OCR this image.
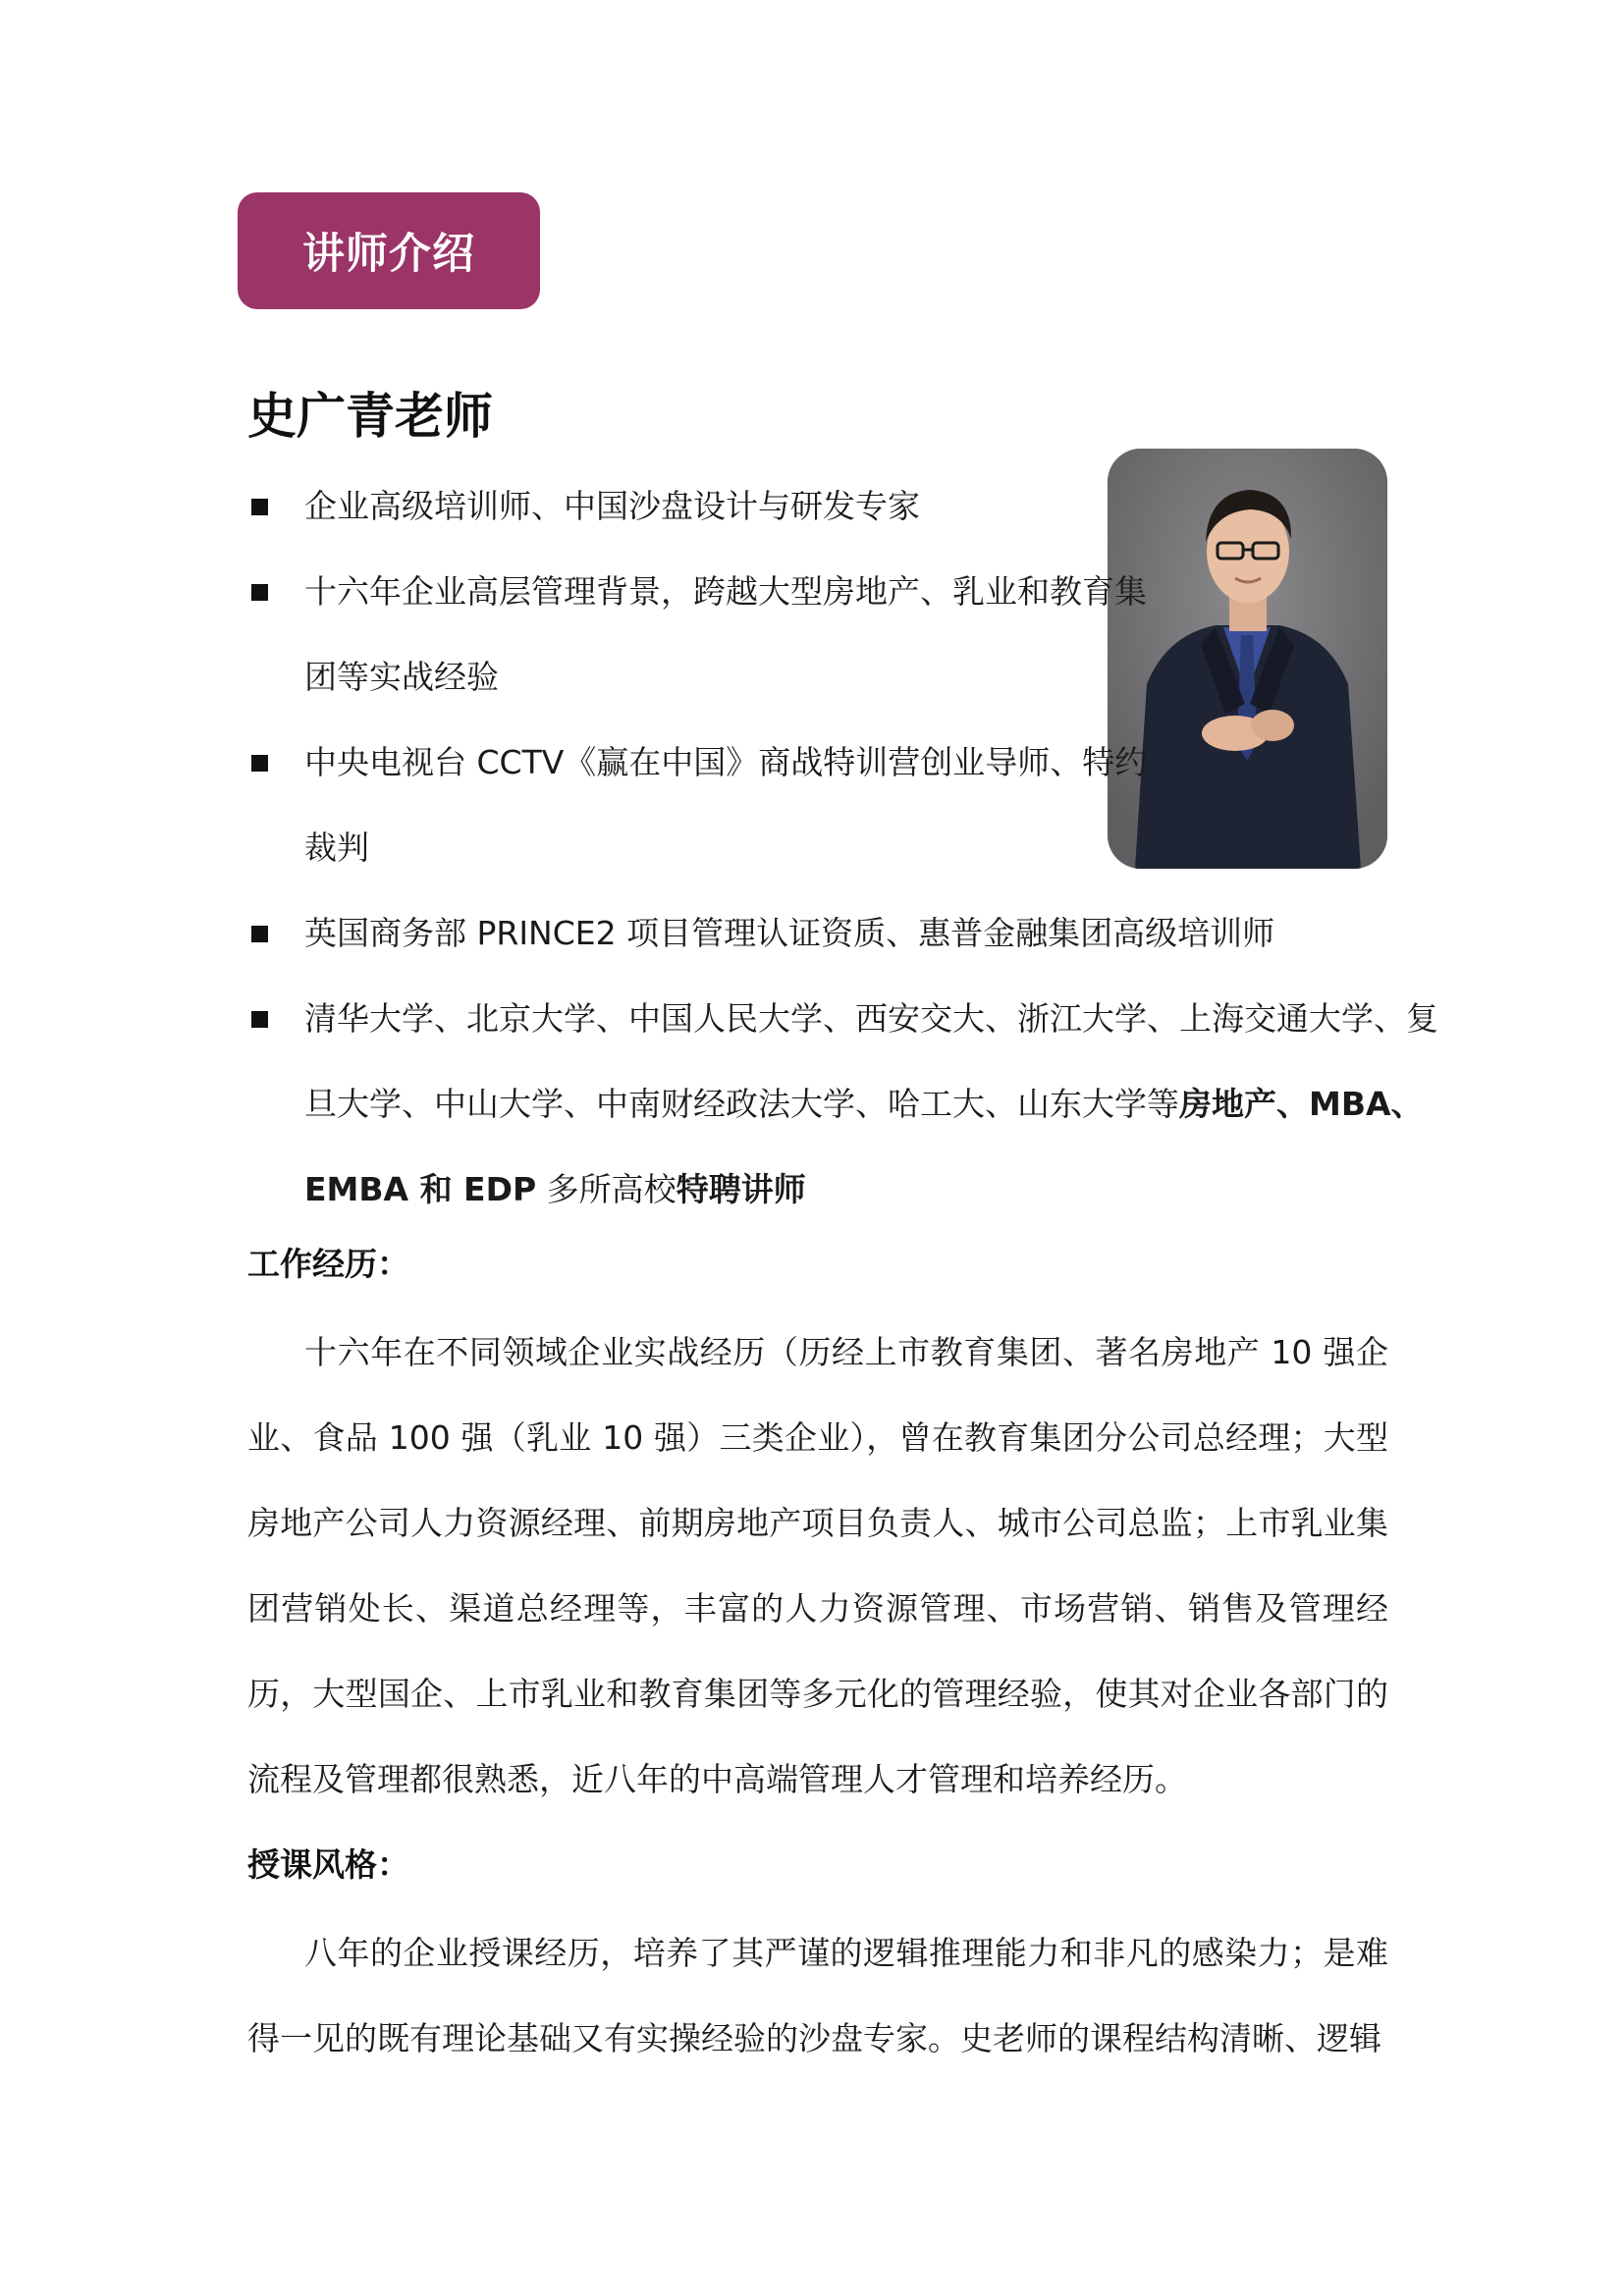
讲师介绍
史广青老师
企业高级培训师、中国沙盘设计与研发专家
十六年企业高层管理背景，跨越大型房地产、乳业和教育集团等实战经验
中央电视台 CCTV《赢在中国》商战特训营创业导师、特约裁判
英国商务部 PRINCE2 项目管理认证资质、惠普金融集团高级培训师
清华大学、北京大学、中国人民大学、西安交大、浙江大学、上海交通大学、复旦大学、中山大学、中南财经政法大学、哈工大、山东大学等房地产、MBA、EMBA 和 EDP 多所高校特聘讲师
工作经历：
十六年在不同领域企业实战经历（历经上市教育集团、著名房地产 10 强企业、食品 100 强（乳业 10 强）三类企业），曾在教育集团分公司总经理；大型房地产公司人力资源经理、前期房地产项目负责人、城市公司总监；上市乳业集团营销处长、渠道总经理等，丰富的人力资源管理、市场营销、销售及管理经历，大型国企、上市乳业和教育集团等多元化的管理经验，使其对企业各部门的流程及管理都很熟悉，近八年的中高端管理人才管理和培养经历。
授课风格：
八年的企业授课经历，培养了其严谨的逻辑推理能力和非凡的感染力；是难得一见的既有理论基础又有实操经验的沙盘专家。史老师的课程结构清晰、逻辑
